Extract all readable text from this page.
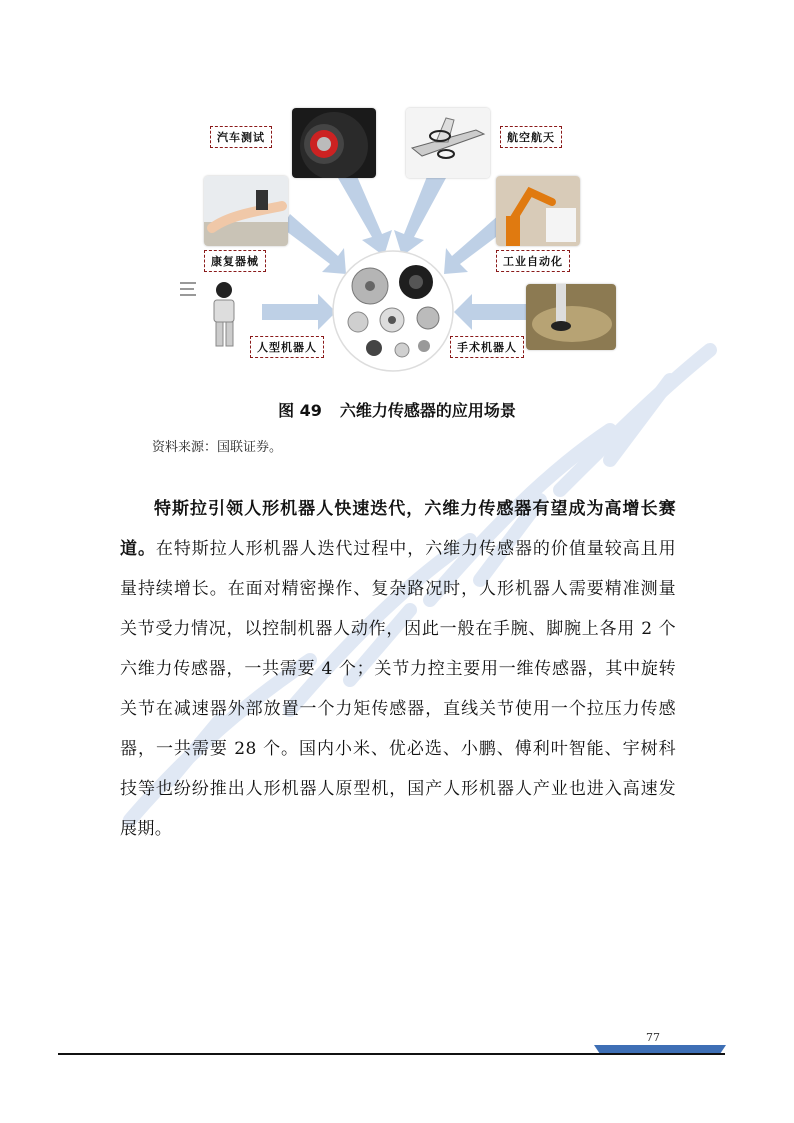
汽车测试	航空航天
康复器械	工业自动化
人型机器人	手术机器人
图 49 六维力传感器的应用场景
资料来源：国联证券。

特斯拉引领人形机器人快速迭代，六维力传感器有望成为高增长赛道。在特斯拉人形机器人迭代过程中，六维力传感器的价值量较高且用量持续增长。在面对精密操作、复杂路况时，人形机器人需要精准测量关节受力情况，以控制机器人动作，因此一般在手腕、脚腕上各用 2 个六维力传感器，一共需要 4 个；关节力控主要用一维传感器，其中旋转关节在减速器外部放置一个力矩传感器，直线关节使用一个拉压力传感器，一共需要 28 个。国内小米、优必选、小鹏、傅利叶智能、宇树科技等也纷纷推出人形机器人原型机，国产人形机器人产业也进入高速发展期。

77
